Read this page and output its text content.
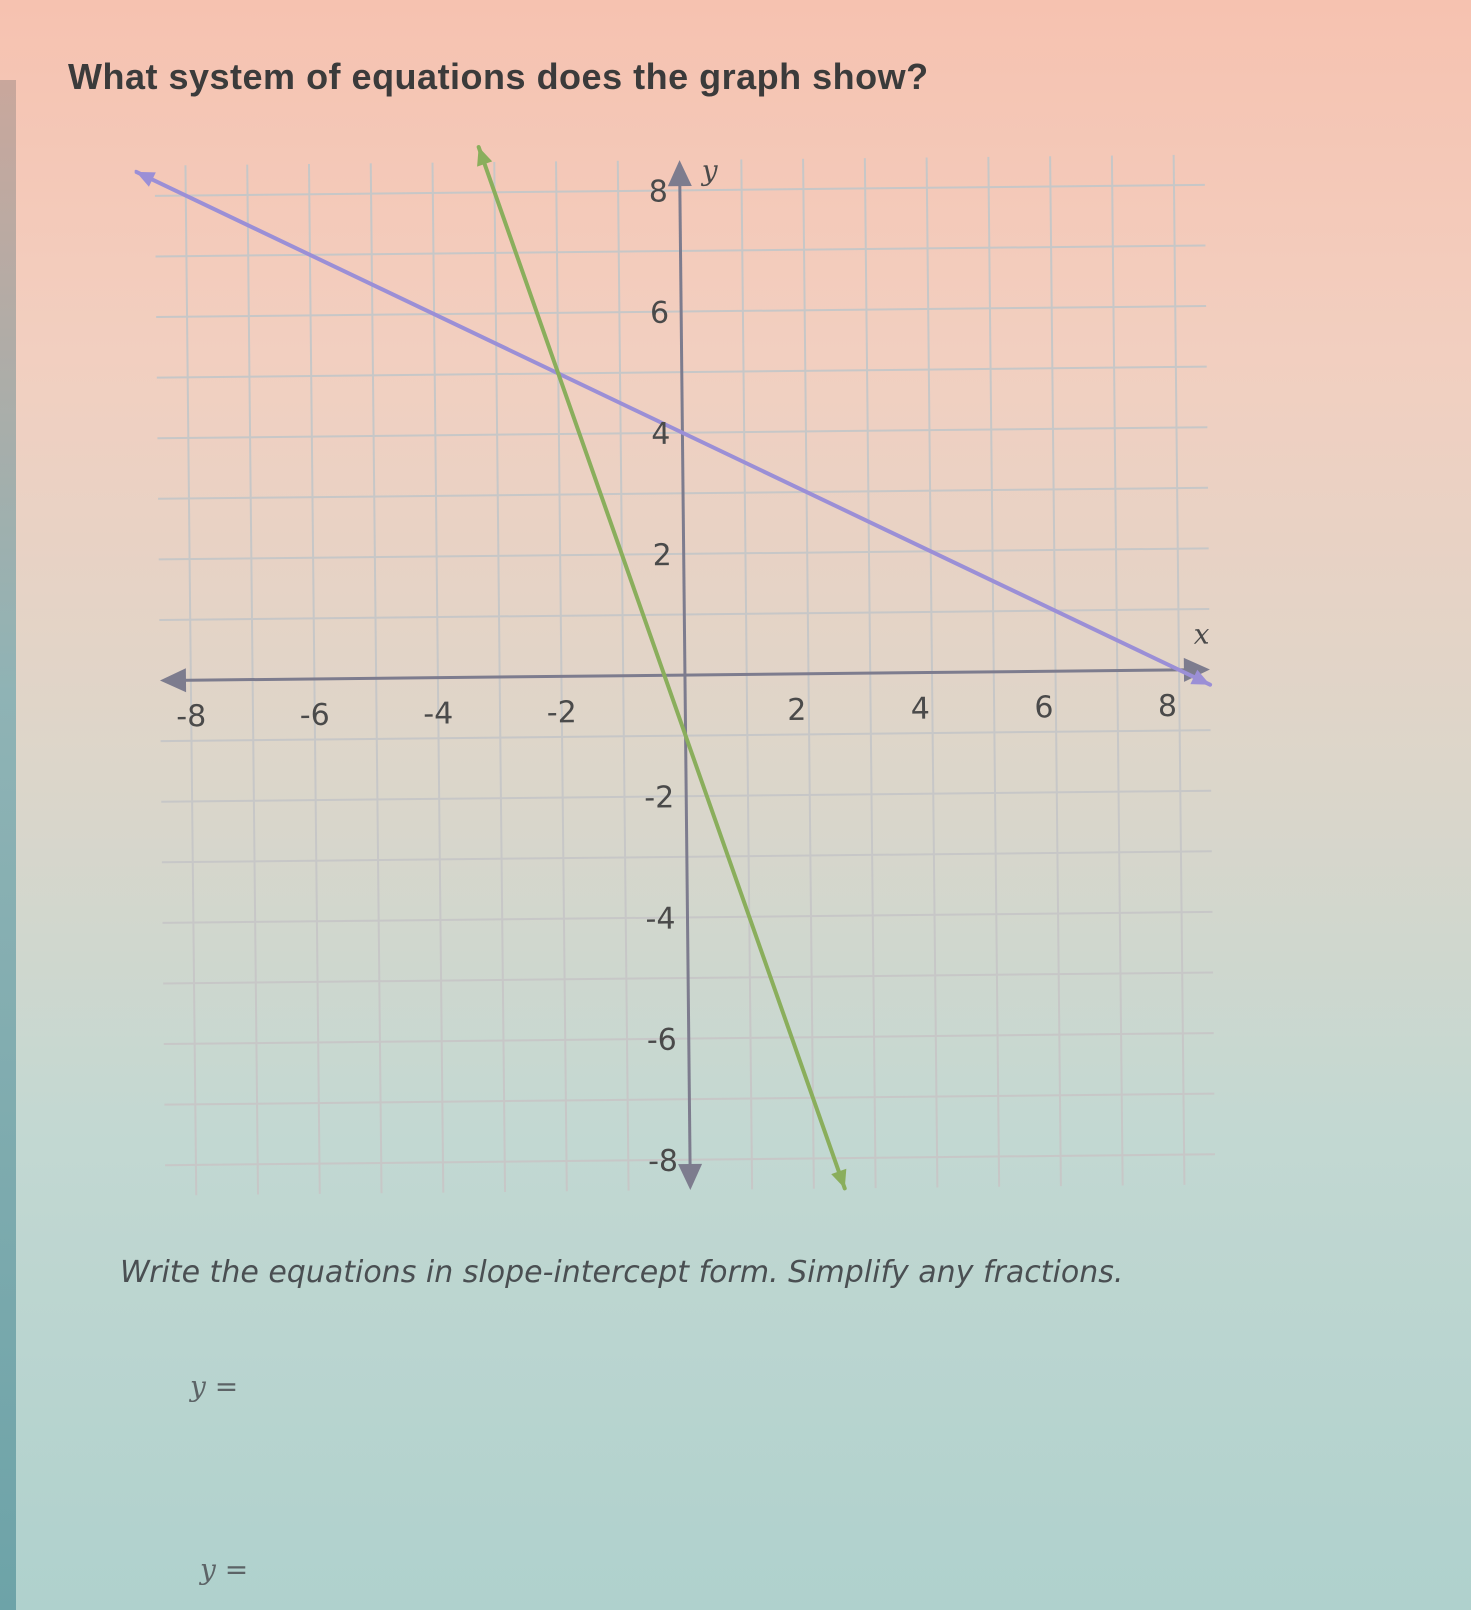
What system of equations does the graph show?
-8	-6	-4	-2	2	4	6	8
8
6
4
2
-2
-4
-6
-8
x
y

Write the equations in slope-intercept form. Simplify any fractions.

y =
y =
